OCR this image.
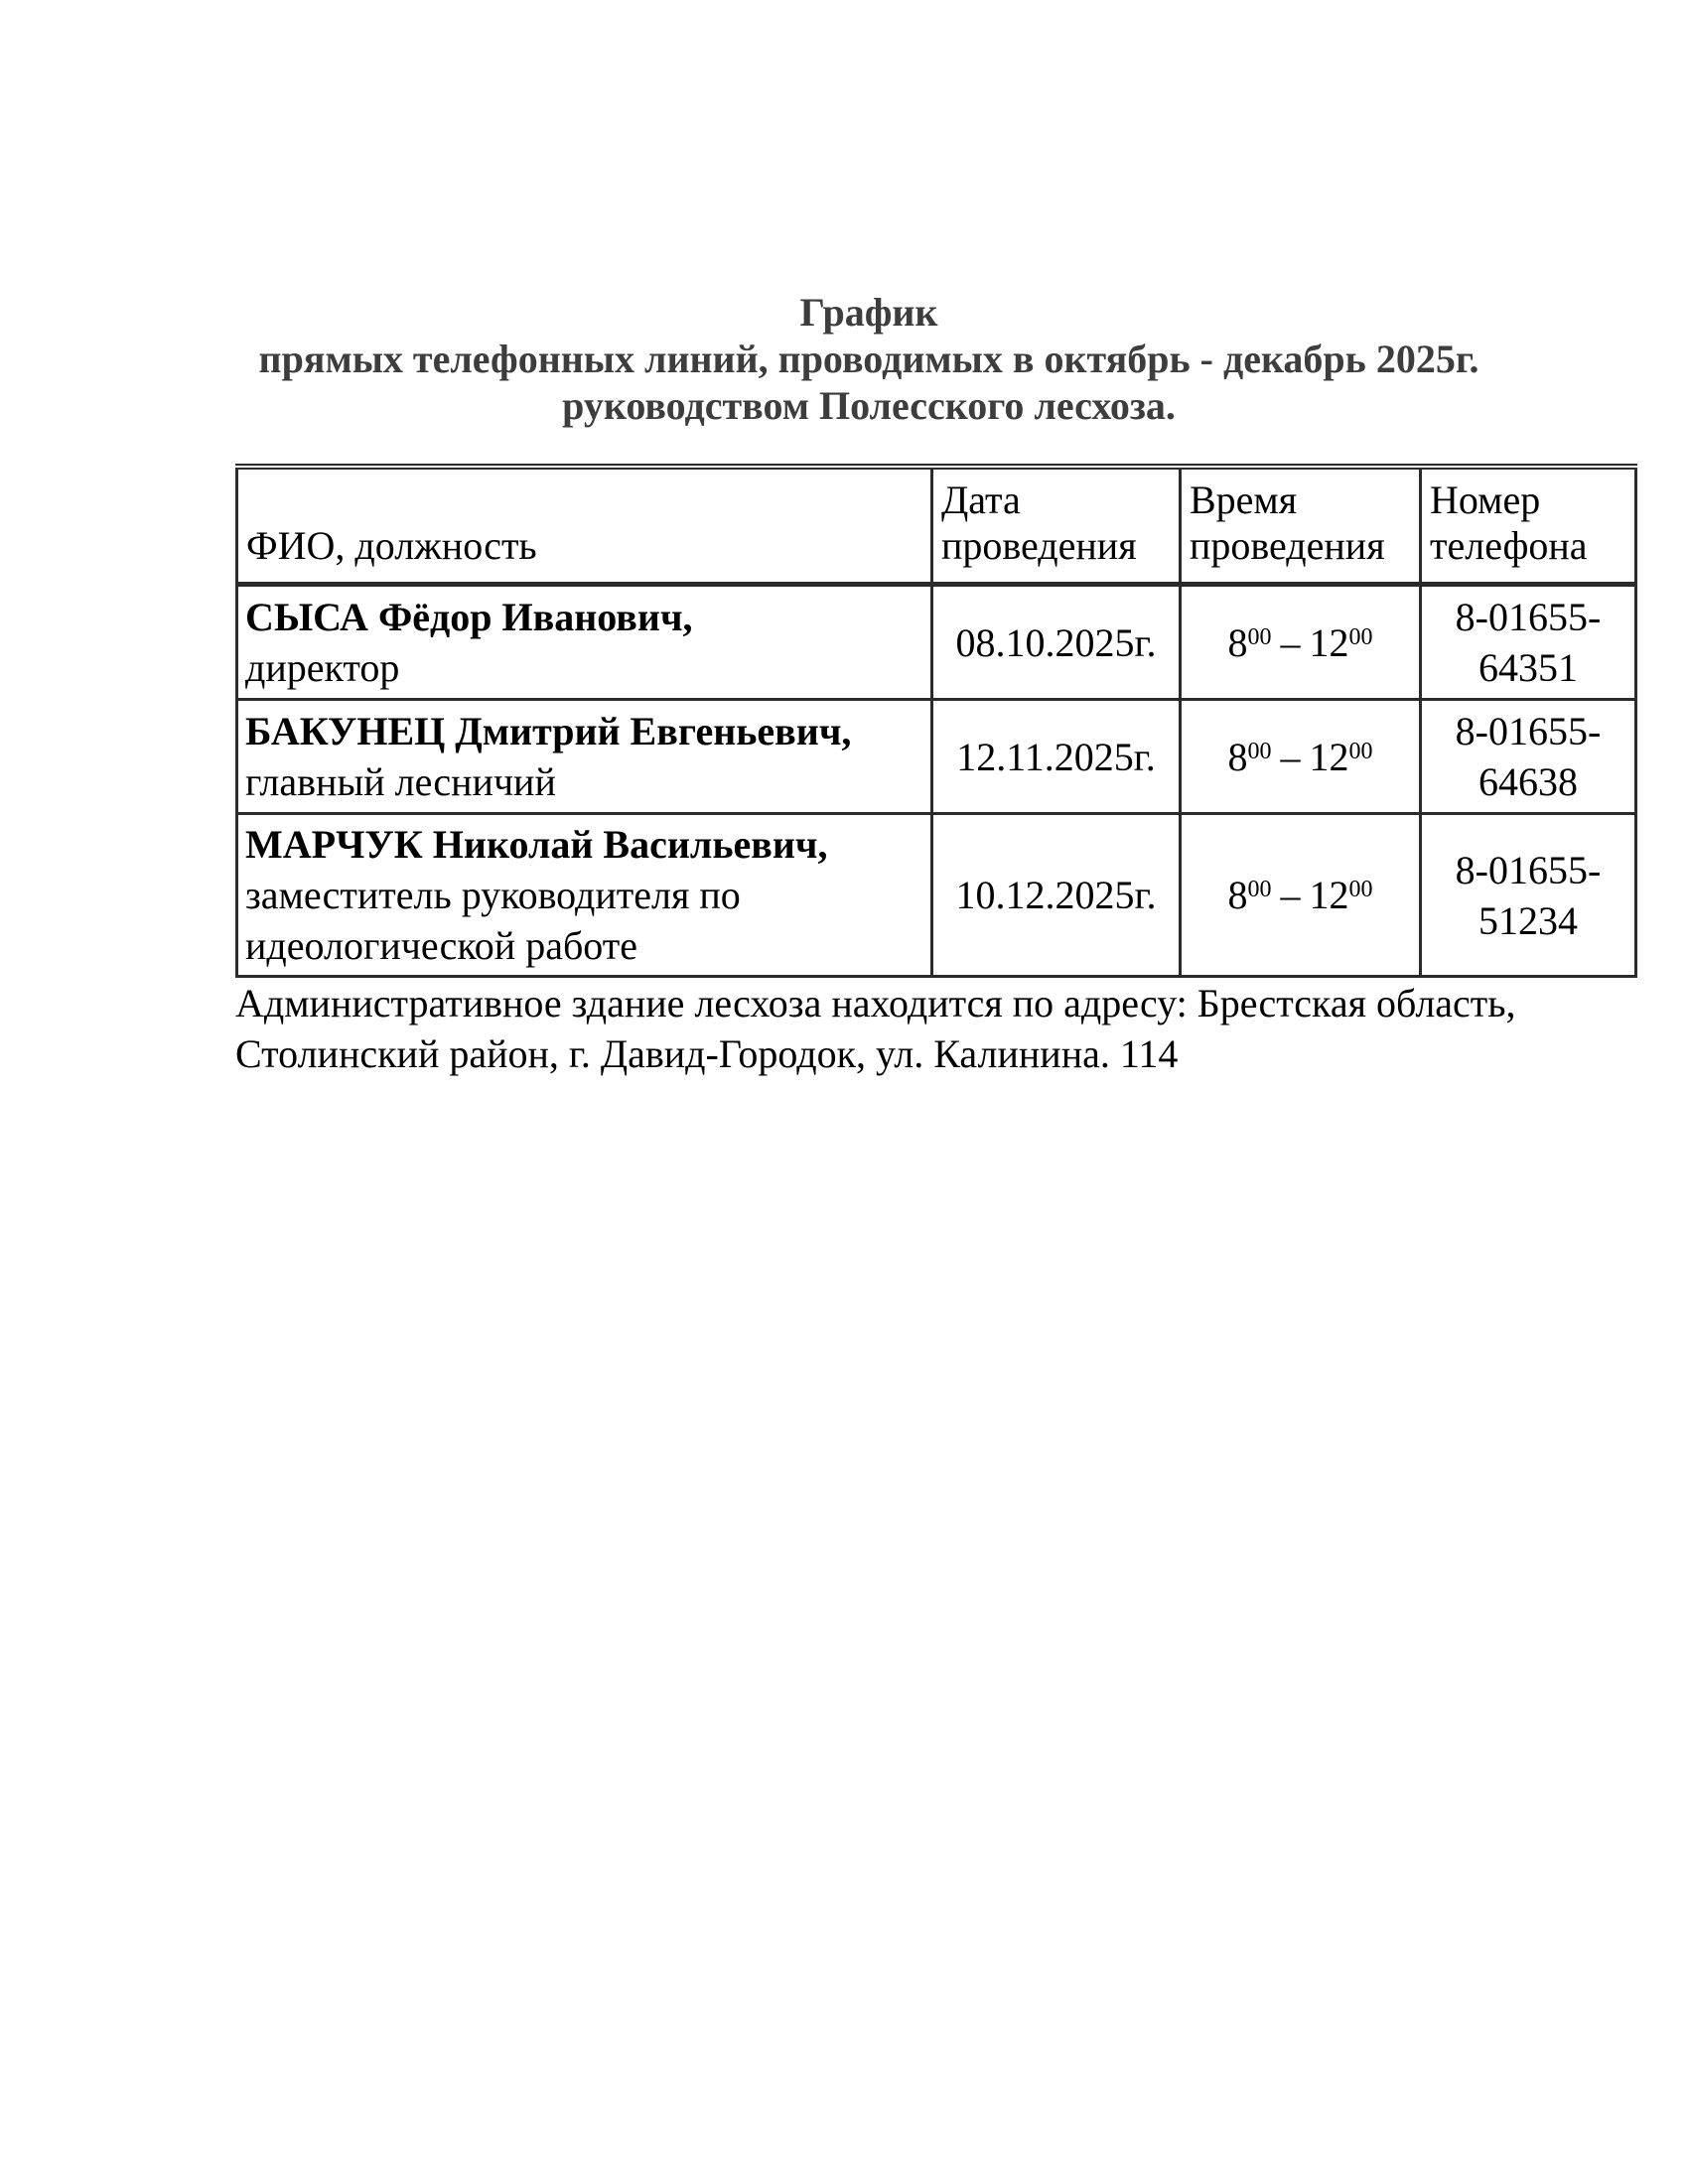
График
прямых телефонных линий, проводимых в октябрь - декабрь 2025г.
руководством Полесского лесхоза.
ФИО, должность	Дата проведения	Время проведения	Номер телефона

СЫСА Фёдор Иванович,
директор	08.10.2025г.	$8^{00} - 12^{00}$	8-01655-64351

БАКУНЕЦ Дмитрий Евгеньевич,
главный лесничий	12.11.2025г.	$8^{00} - 12^{00}$	8-01655-64638

МАРЧУК Николай Васильевич,
заместитель руководителя по идеологической работе	10.12.2025г.	$8^{00} - 12^{00}$	8-01655-51234
Административное здание лесхоза находится по адресу: Брестская область,
Столинский район, г. Давид-Городок, ул. Калинина. 114
